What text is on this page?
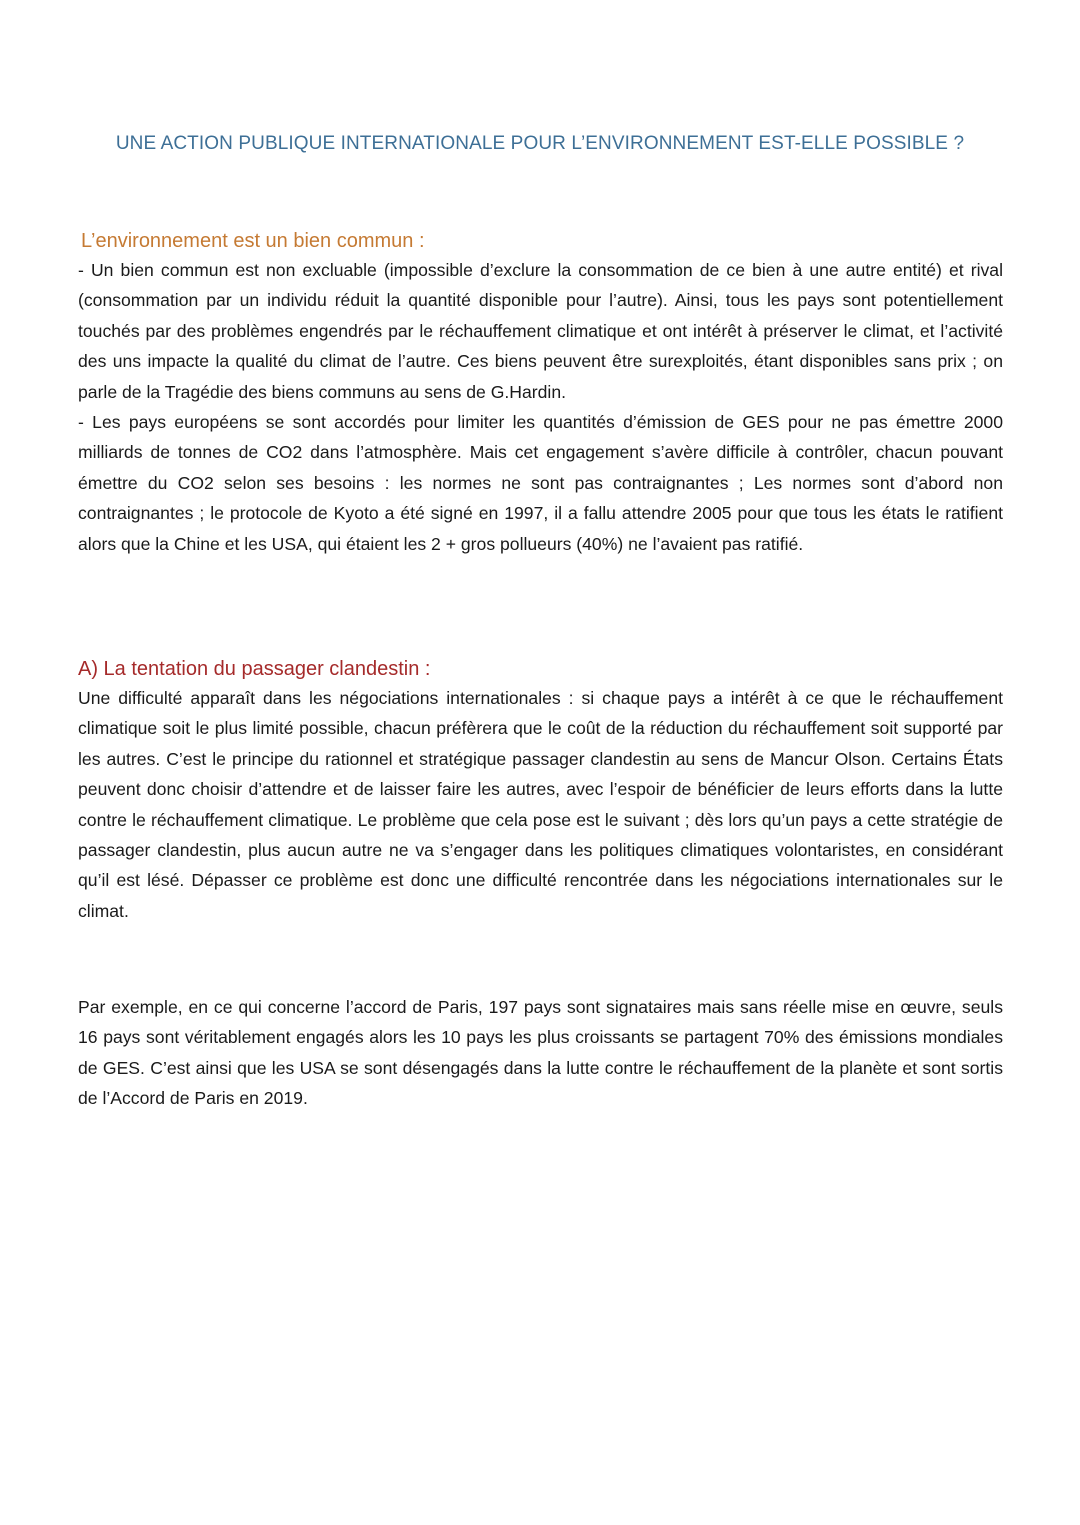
UNE ACTION PUBLIQUE INTERNATIONALE POUR L’ENVIRONNEMENT EST-ELLE POSSIBLE ?
L’environnement est un bien commun :

- Un bien commun est non excluable (impossible d’exclure la consommation de ce bien à une autre entité) et rival (consommation par un individu réduit la quantité disponible pour l’autre). Ainsi, tous les pays sont potentiellement touchés par des problèmes engendrés par le réchauffement climatique et ont intérêt à préserver le climat, et l’activité des uns impacte la qualité du climat de l’autre. Ces biens peuvent être surexploités, étant disponibles sans prix ; on parle de la Tragédie des biens communs au sens de G.Hardin.

- Les pays européens se sont accordés pour limiter les quantités d’émission de GES pour ne pas émettre 2000 milliards de tonnes de CO2 dans l’atmosphère. Mais cet engagement s’avère difficile à contrôler, chacun pouvant émettre du CO2 selon ses besoins : les normes ne sont pas contraignantes ; Les normes sont d’abord non contraignantes ; le protocole de Kyoto a été signé en 1997, il a fallu attendre 2005 pour que tous les états le ratifient alors que la Chine et les USA, qui étaient les 2 + gros pollueurs (40%) ne l’avaient pas ratifié.

A) La tentation du passager clandestin :

Une difficulté apparaît dans les négociations internationales : si chaque pays a intérêt à ce que le réchauffement climatique soit le plus limité possible, chacun préfèrera que le coût de la réduction du réchauffement soit supporté par les autres. C’est le principe du rationnel et stratégique passager clandestin au sens de Mancur Olson. Certains États peuvent donc choisir d’attendre et de laisser faire les autres, avec l’espoir de bénéficier de leurs efforts dans la lutte contre le réchauffement climatique. Le problème que cela pose est le suivant ; dès lors qu’un pays a cette stratégie de passager clandestin, plus aucun autre ne va s’engager dans les politiques climatiques volontaristes, en considérant qu’il est lésé. Dépasser ce problème est donc une difficulté rencontrée dans les négociations internationales sur le climat.

Par exemple, en ce qui concerne l’accord de Paris, 197 pays sont signataires mais sans réelle mise en œuvre, seuls 16 pays sont véritablement engagés alors les 10 pays les plus croissants se partagent 70% des émissions mondiales de GES. C’est ainsi que les USA se sont désengagés dans la lutte contre le réchauffement de la planète et sont sortis de l’Accord de Paris en 2019.
